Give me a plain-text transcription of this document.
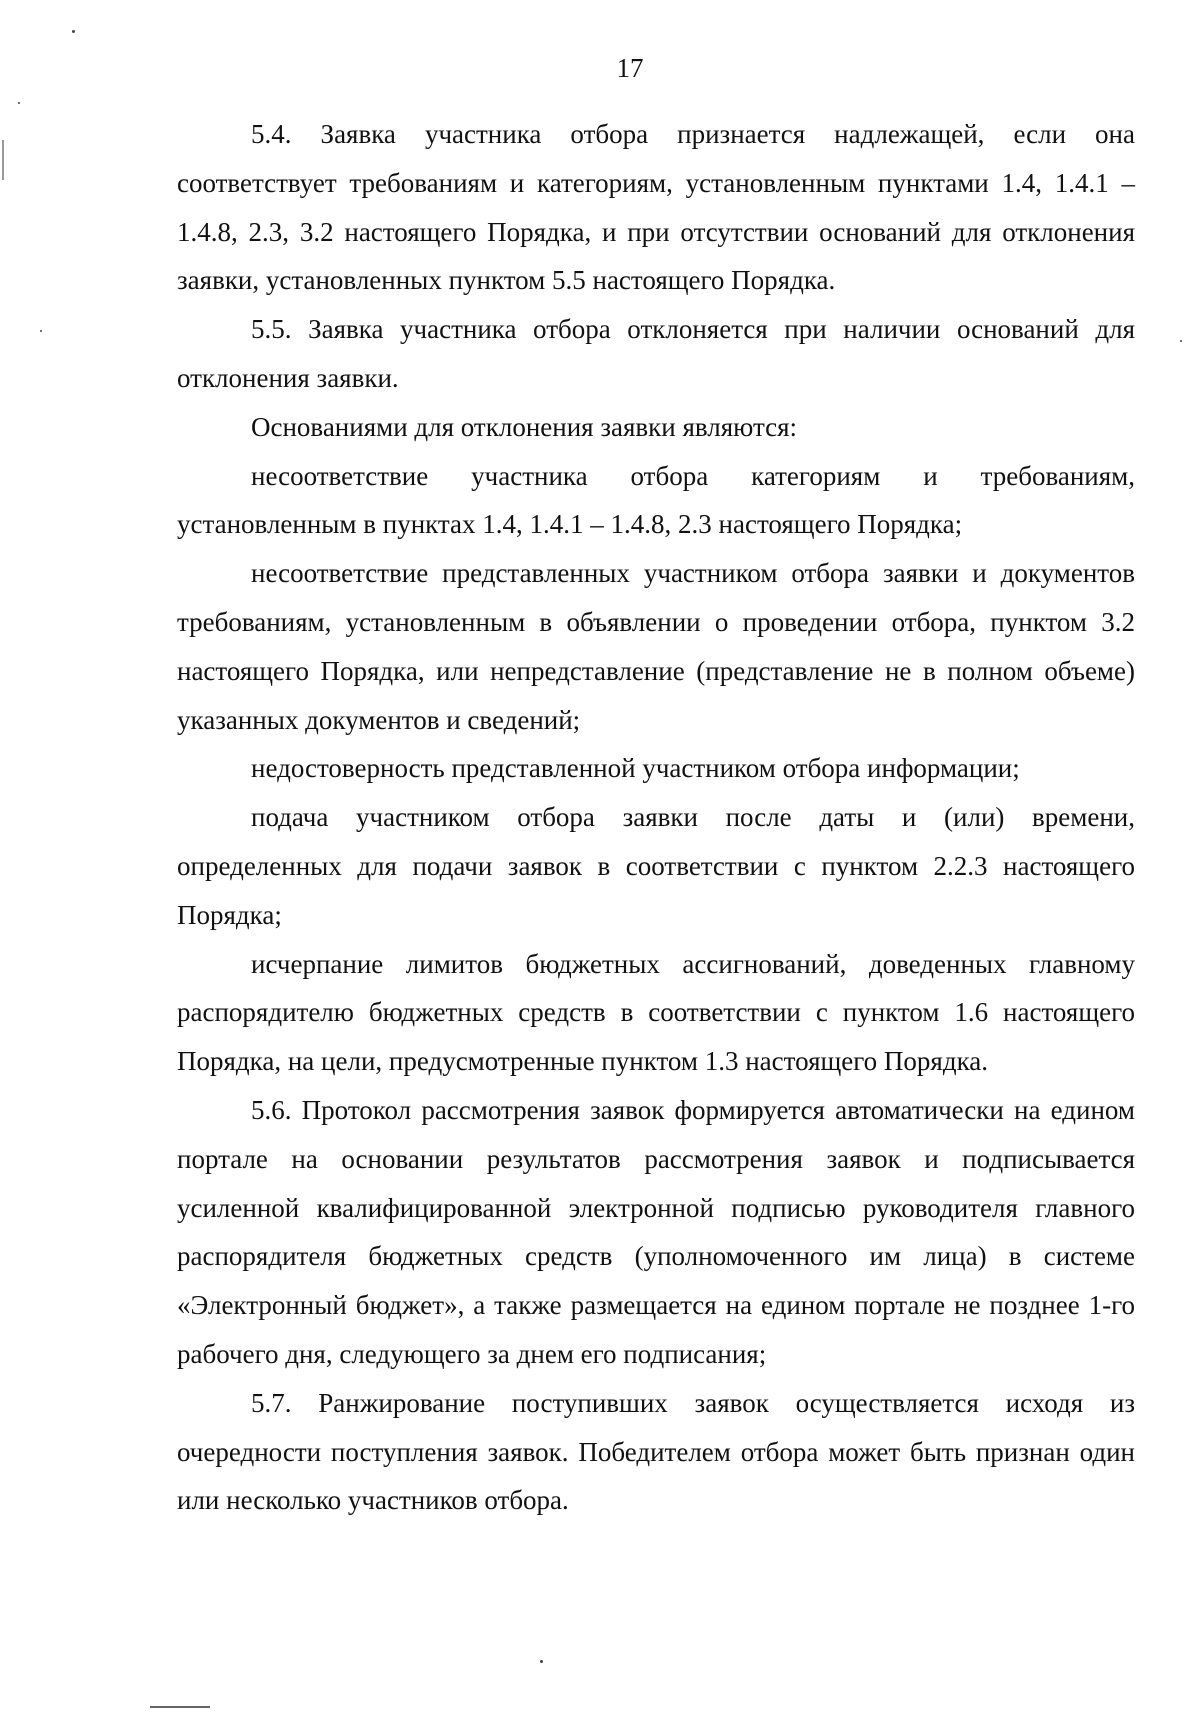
17

5.4. Заявка участника отбора признается надлежащей, если она соответствует требованиям и категориям, установленным пунктами 1.4, 1.4.1 – 1.4.8, 2.3, 3.2 настоящего Порядка, и при отсутствии оснований для отклонения заявки, установленных пунктом 5.5 настоящего Порядка.

5.5. Заявка участника отбора отклоняется при наличии оснований для отклонения заявки.

Основаниями для отклонения заявки являются:

несоответствие участника отбора категориям и требованиям, установленным в пунктах 1.4, 1.4.1 – 1.4.8, 2.3 настоящего Порядка;

несоответствие представленных участником отбора заявки и документов требованиям, установленным в объявлении о проведении отбора, пунктом 3.2 настоящего Порядка, или непредставление (представление не в полном объеме) указанных документов и сведений;

недостоверность представленной участником отбора информации;

подача участником отбора заявки после даты и (или) времени, определенных для подачи заявок в соответствии с пунктом 2.2.3 настоящего Порядка;

исчерпание лимитов бюджетных ассигнований, доведенных главному распорядителю бюджетных средств в соответствии с пунктом 1.6 настоящего Порядка, на цели, предусмотренные пунктом 1.3 настоящего Порядка.

5.6. Протокол рассмотрения заявок формируется автоматически на едином портале на основании результатов рассмотрения заявок и подписывается усиленной квалифицированной электронной подписью руководителя главного распорядителя бюджетных средств (уполномоченного им лица) в системе «Электронный бюджет», а также размещается на едином портале не позднее 1-го рабочего дня, следующего за днем его подписания;

5.7. Ранжирование поступивших заявок осуществляется исходя из очередности поступления заявок. Победителем отбора может быть признан один или несколько участников отбора.
